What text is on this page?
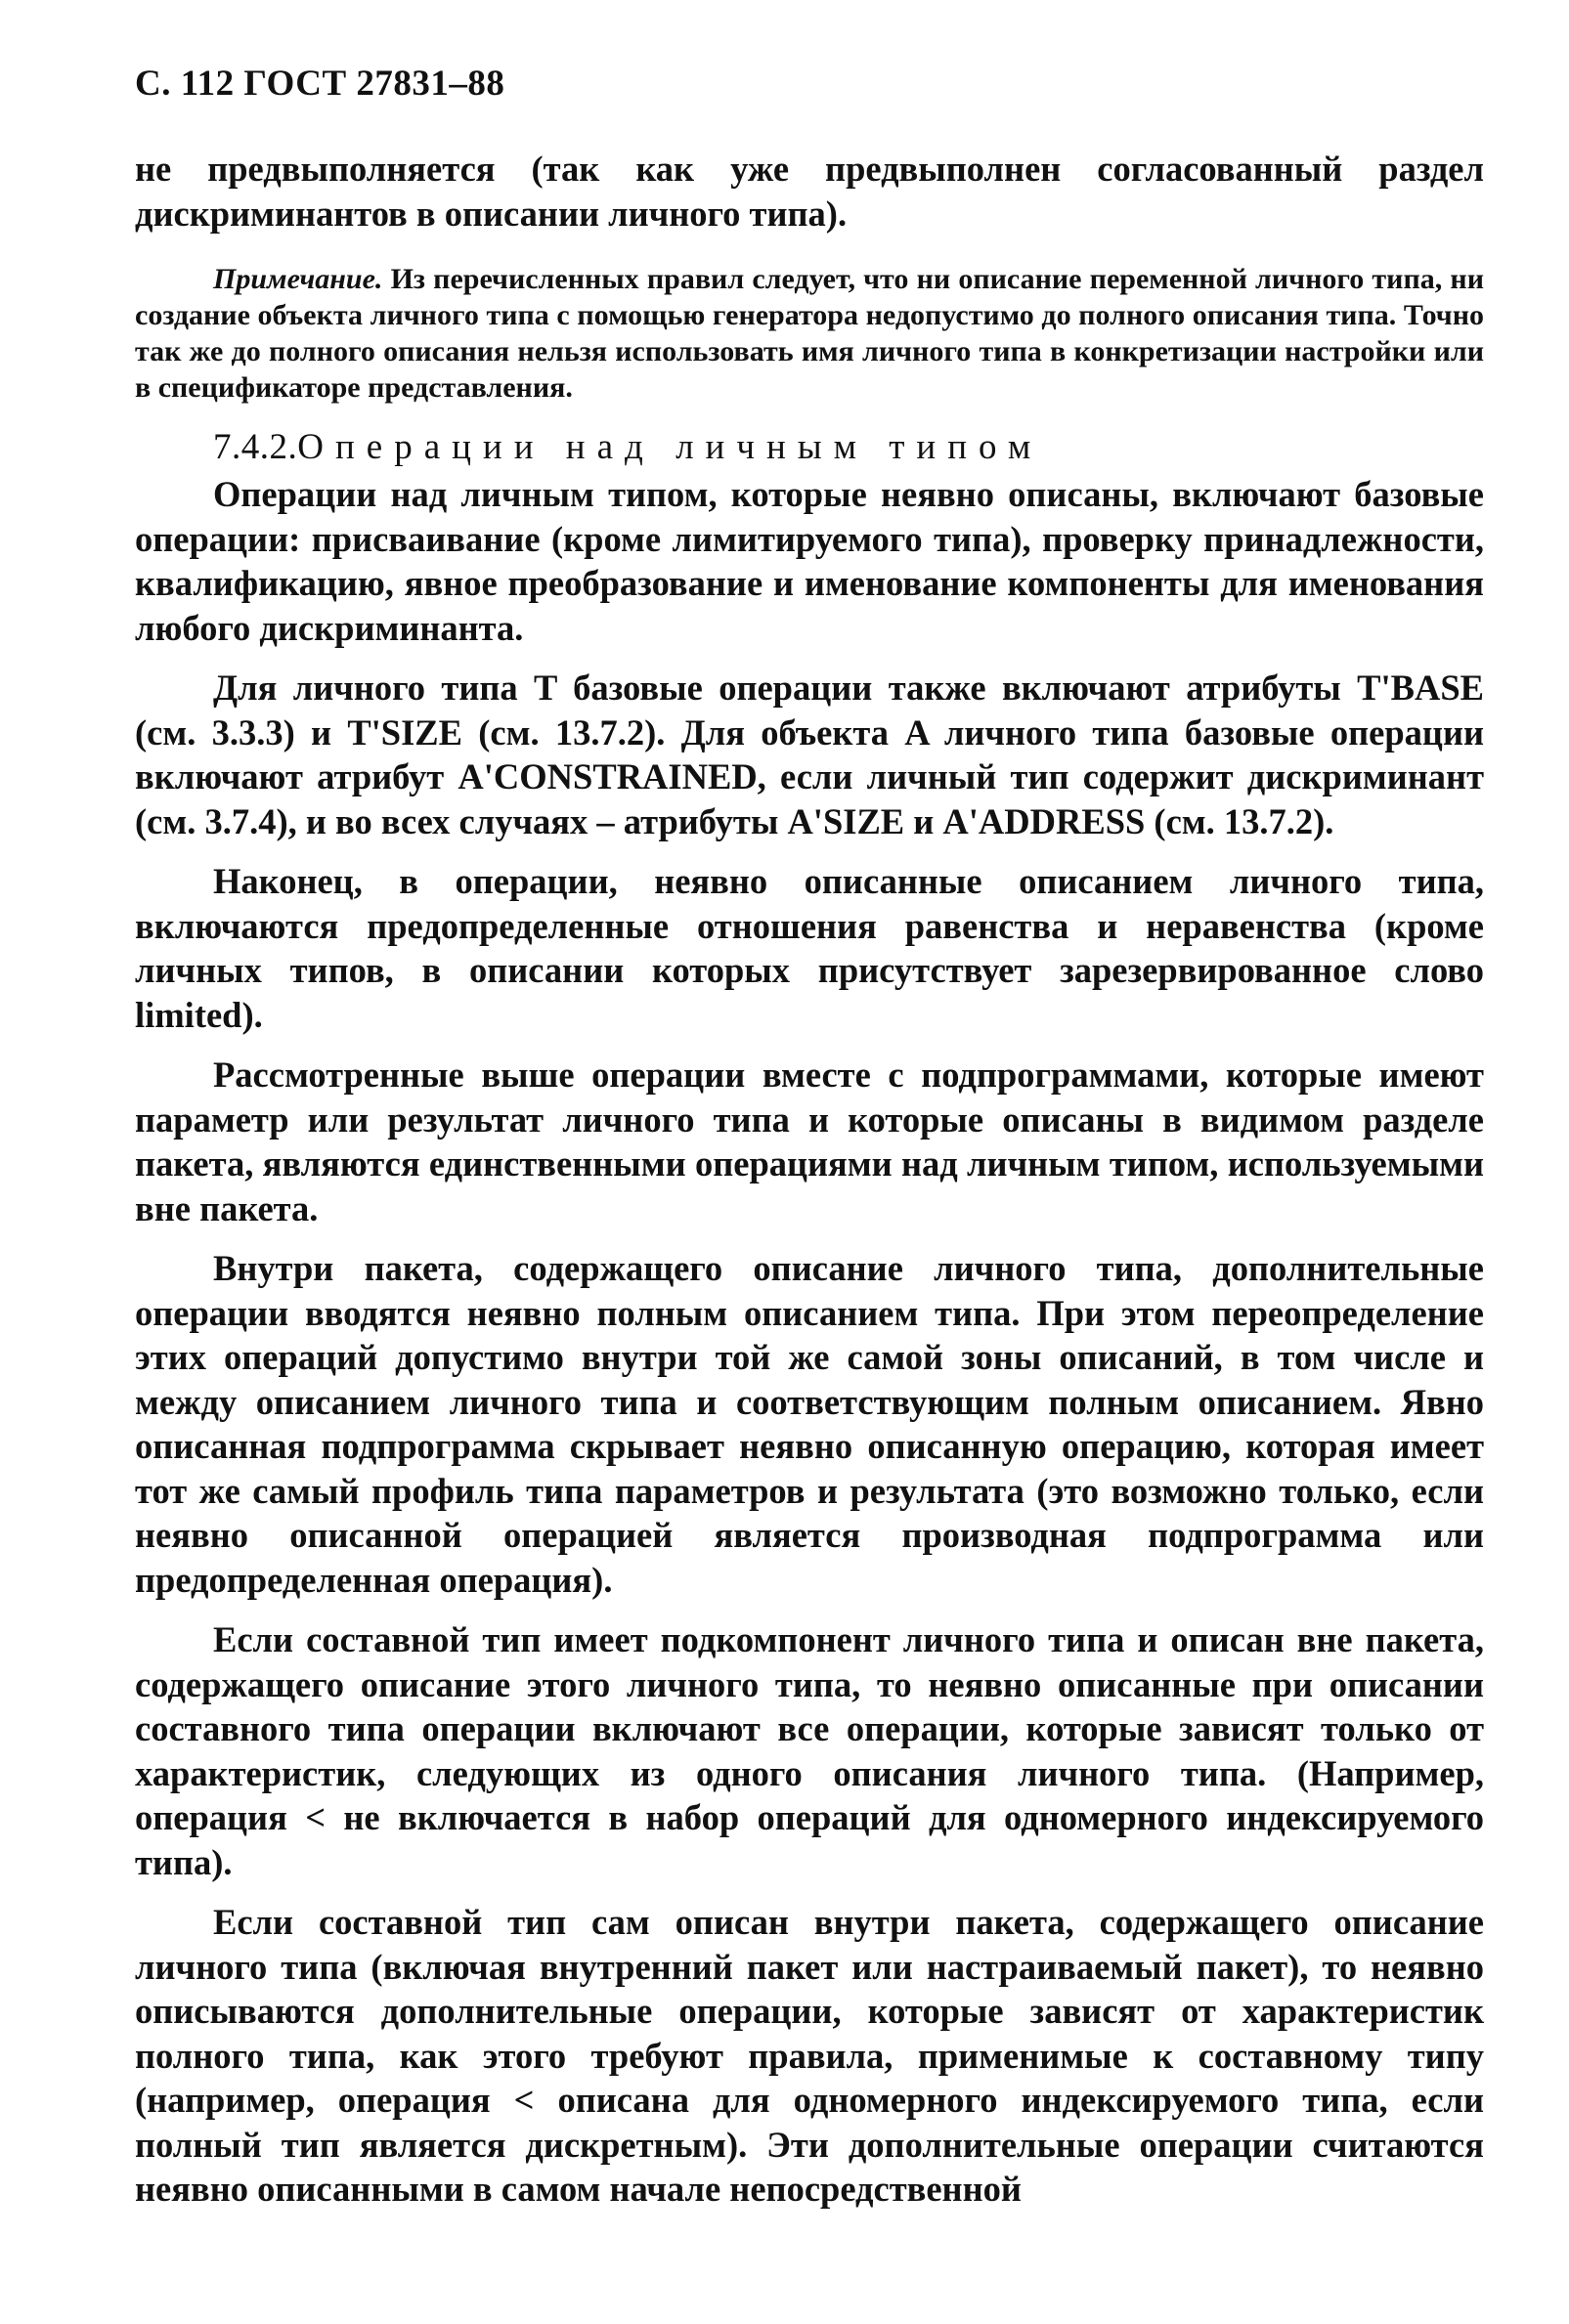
С. 112 ГОСТ 27831–88

не предвыполняется (так как уже предвыполнен согласованный раздел дискриминантов в описании личного типа).

Примечание. Из перечисленных правил следует, что ни описание переменной личного типа, ни создание объекта личного типа с помощью генератора недопустимо до полного описания типа. Точно так же до полного описания нельзя использовать имя личного типа в конкретизации настройки или в спецификаторе представления.

7.4.2.Операции над личным типом

Операции над личным типом, которые неявно описаны, включают базовые операции: присваивание (кроме лимитируемого типа), проверку принадлежности, квалификацию, явное преобразование и именование компоненты для именования любого дискриминанта.

Для личного типа T базовые операции также включают атрибуты T'BASE (см. 3.3.3) и T'SIZE (см. 13.7.2). Для объекта A личного типа базовые операции включают атрибут A'CONSTRAINED, если личный тип содержит дискриминант (см. 3.7.4), и во всех случаях – атрибуты A'SIZE и A'ADDRESS (см. 13.7.2).

Наконец, в операции, неявно описанные описанием личного типа, включаются предопределенные отношения равенства и неравенства (кроме личных типов, в описании которых присутствует зарезервированное слово limited).

Рассмотренные выше операции вместе с подпрограммами, которые имеют параметр или результат личного типа и которые описаны в видимом разделе пакета, являются единственными операциями над личным типом, используемыми вне пакета.

Внутри пакета, содержащего описание личного типа, дополнительные операции вводятся неявно полным описанием типа. При этом переопределение этих операций допустимо внутри той же самой зоны описаний, в том числе и между описанием личного типа и соответствующим полным описанием. Явно описанная подпрограмма скрывает неявно описанную операцию, которая имеет тот же самый профиль типа параметров и результата (это возможно только, если неявно описанной операцией является производная подпрограмма или предопределенная операция).

Если составной тип имеет подкомпонент личного типа и описан вне пакета, содержащего описание этого личного типа, то неявно описанные при описании составного типа операции включают все операции, которые зависят только от характеристик, следующих из одного описания личного типа. (Например, операция < не включается в набор операций для одномерного индексируемого типа).

Если составной тип сам описан внутри пакета, содержащего описание личного типа (включая внутренний пакет или настраиваемый пакет), то неявно описываются дополнительные операции, которые зависят от характеристик полного типа, как этого требуют правила, применимые к составному типу (например, операция < описана для одномерного индексируемого типа, если полный тип является дискретным). Эти дополнительные операции считаются неявно описанными в самом начале непосредственной
